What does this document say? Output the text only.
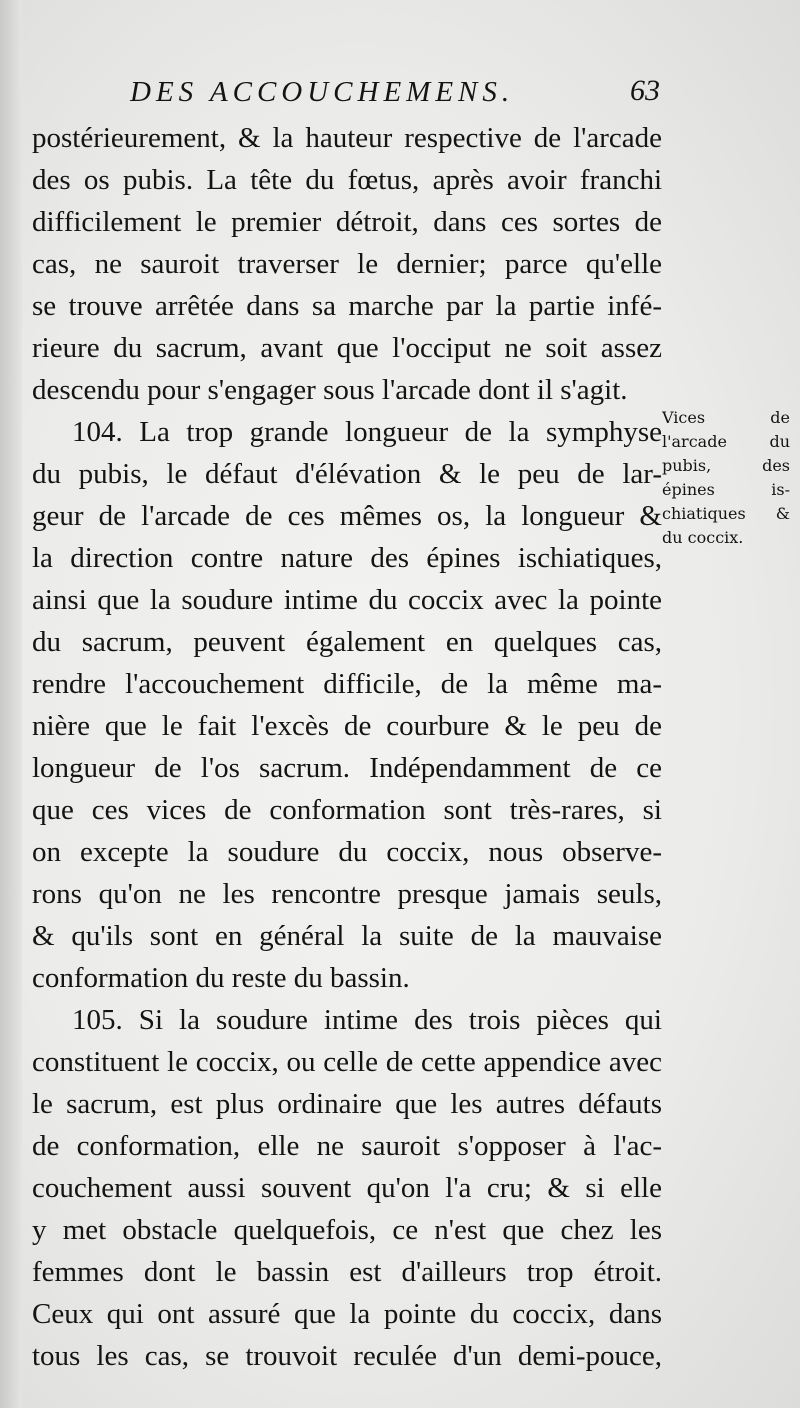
DES ACCOUCHEMENS.	63
postérieurement, & la hauteur respective de l'arcade
des os pubis. La tête du fœtus, après avoir franchi
difficilement le premier détroit, dans ces sortes de
cas, ne sauroit traverser le dernier; parce qu'elle
se trouve arrêtée dans sa marche par la partie infé-
rieure du sacrum, avant que l'occiput ne soit assez
descendu pour s'engager sous l'arcade dont il s'agit.
104. La trop grande longueur de la symphyse
du pubis, le défaut d'élévation & le peu de lar-
geur de l'arcade de ces mêmes os, la longueur &
la direction contre nature des épines ischiatiques,
ainsi que la soudure intime du coccix avec la pointe
du sacrum, peuvent également en quelques cas,
rendre l'accouchement difficile, de la même ma-
nière que le fait l'excès de courbure & le peu de
longueur de l'os sacrum. Indépendamment de ce
que ces vices de conformation sont très-rares, si
on excepte la soudure du coccix, nous observe-
rons qu'on ne les rencontre presque jamais seuls,
& qu'ils sont en général la suite de la mauvaise
conformation du reste du bassin.
105. Si la soudure intime des trois pièces qui
constituent le coccix, ou celle de cette appendice avec
le sacrum, est plus ordinaire que les autres défauts
de conformation, elle ne sauroit s'opposer à l'ac-
couchement aussi souvent qu'on l'a cru; & si elle
y met obstacle quelquefois, ce n'est que chez les
femmes dont le bassin est d'ailleurs trop étroit.
Ceux qui ont assuré que la pointe du coccix, dans
tous les cas, se trouvoit reculée d'un demi-pouce,
Vices de
l'arcade du
pubis, des
épines is-
chiatiques &
du coccix.
